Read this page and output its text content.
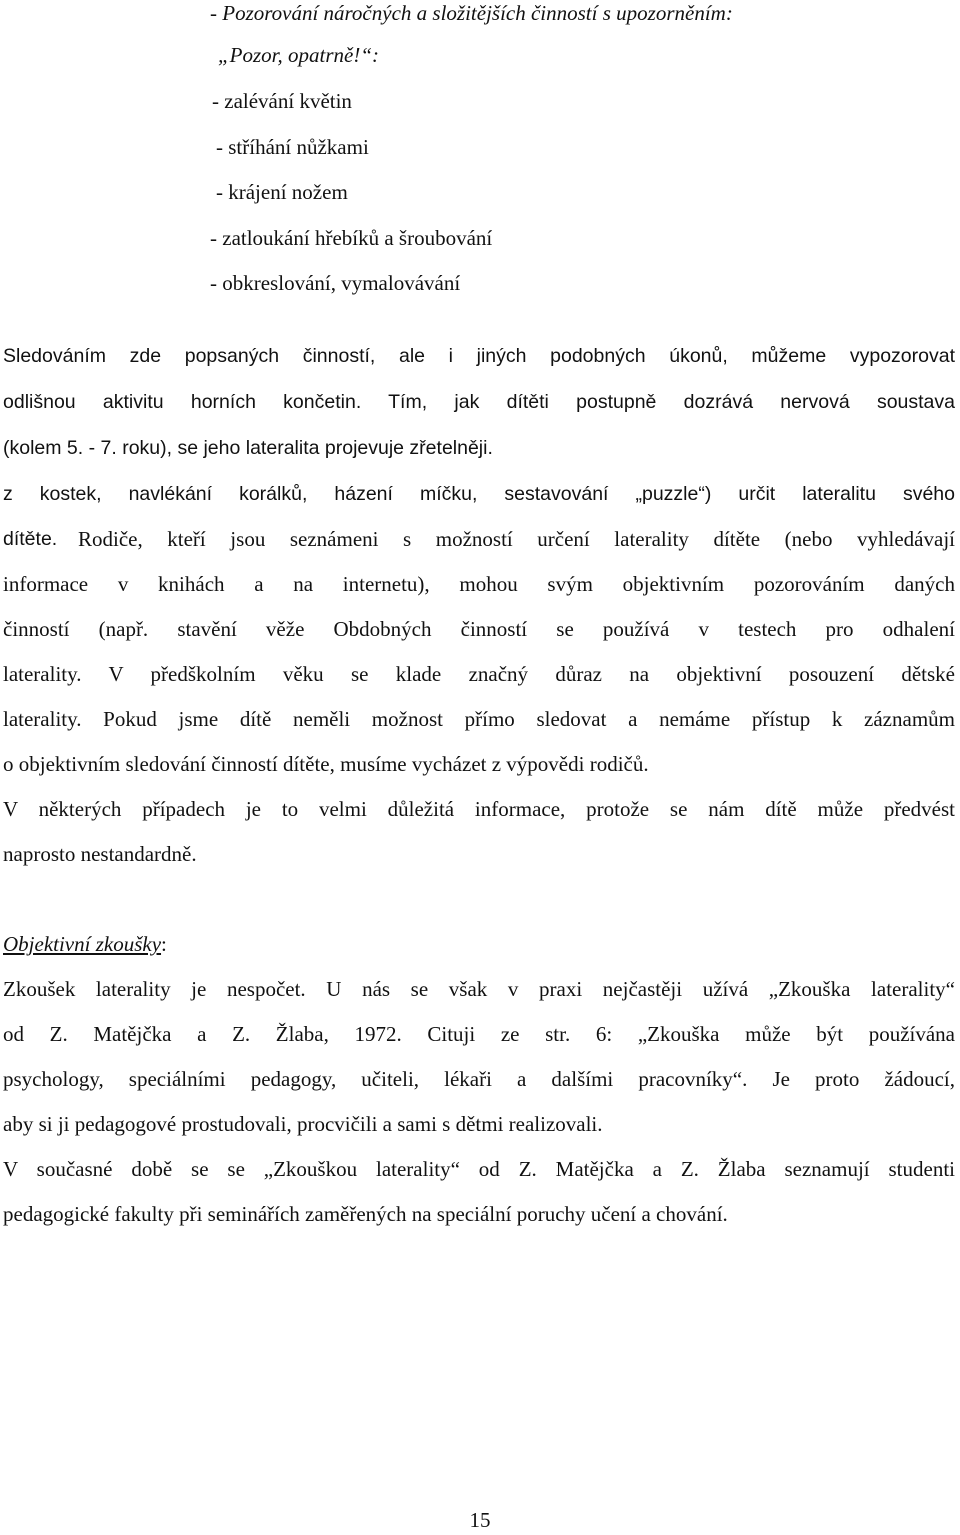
- Pozorování náročných a složitějších činností s upozorněním:
„Pozor, opatrně!“:
- zalévání květin
- stříhání nůžkami
- krájení nožem
- zatloukání hřebíků a šroubování
- obkreslování, vymalovávání
Sledováním zde popsaných činností, ale i jiných podobných úkonů, můžeme vypozorovat
odlišnou aktivitu horních končetin. Tím, jak dítěti postupně dozrává nervová soustava
(kolem 5. - 7. roku), se jeho lateralita projevuje zřetelněji.
z kostek, navlékání korálků, házení míčku, sestavování „puzzle“) určit lateralitu svého
dítěte. Rodiče, kteří jsou seznámeni s možností určení laterality dítěte (nebo vyhledávají
informace v knihách a na internetu), mohou svým objektivním pozorováním daných
činností (např. stavění věže Obdobných činností se používá v testech pro odhalení
laterality. V předškolním věku se klade značný důraz na objektivní posouzení dětské
laterality. Pokud jsme dítě neměli možnost přímo sledovat a nemáme přístup k záznamům
o objektivním sledování činností dítěte, musíme vycházet z výpovědi rodičů.
V některých případech je to velmi důležitá informace, protože se nám dítě může předvést
naprosto nestandardně.
Objektivní zkoušky:
Zkoušek laterality je nespočet. U nás se však v praxi nejčastěji užívá „Zkouška laterality“
od Z. Matějčka a Z. Žlaba, 1972. Cituji ze str. 6: „Zkouška může být používána
psychology, speciálními pedagogy, učiteli, lékaři a dalšími pracovníky“. Je proto žádoucí,
aby si ji pedagogové prostudovali, procvičili a sami s dětmi realizovali.
V současné době se se „Zkouškou laterality“ od Z. Matějčka a Z. Žlaba seznamují studenti
pedagogické fakulty při seminářích zaměřených na speciální poruchy učení a chování.
15
